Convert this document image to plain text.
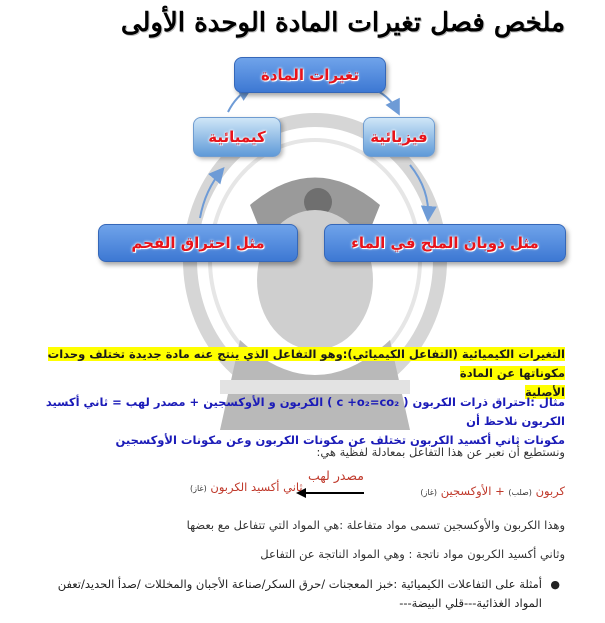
ملخص فصل تغيرات المادة الوحدة الأولى
تغيرات المادة
كيميائية	فيزيائية
مثل احتراق الفحم	مثل ذوبان الملح في الماء
التغيرات الكيميائية (التفاعل الكيميائي):وهو التفاعل الذي ينتج عنه مادة جديدة تختلف وحدات مكوناتها عن المادة
الأصلية
مثال :احتراق ذرات الكربون ( c +o₂=co₂ ) الكربون و الأوكسجين + مصدر لهب = ثاني أكسيد الكربون نلاحظ أن
مكونات ثاني أكسيد الكربون تختلف عن مكونات الكربون وعن مكونات الأوكسجين
ونستطيع أن نعبر عن هذا التفاعل بمعادلة لفظية هي:
مصدر لهب
كربون (صلب) + الأوكسجين (غاز)
ثاني أكسيد الكربون (غاز)
وهذا الكربون والأوكسجين تسمى مواد متفاعلة :هي المواد التي تتفاعل مع بعضها
وثاني أكسيد الكربون مواد ناتجة : وهي المواد الناتجة عن التفاعل
●
أمثلة على التفاعلات الكيميائية :خبز المعجنات /حرق السكر/صناعة الأجبان والمخللات /صدأ الحديد/تعفن
المواد الغذائية---قلي البيضة---
